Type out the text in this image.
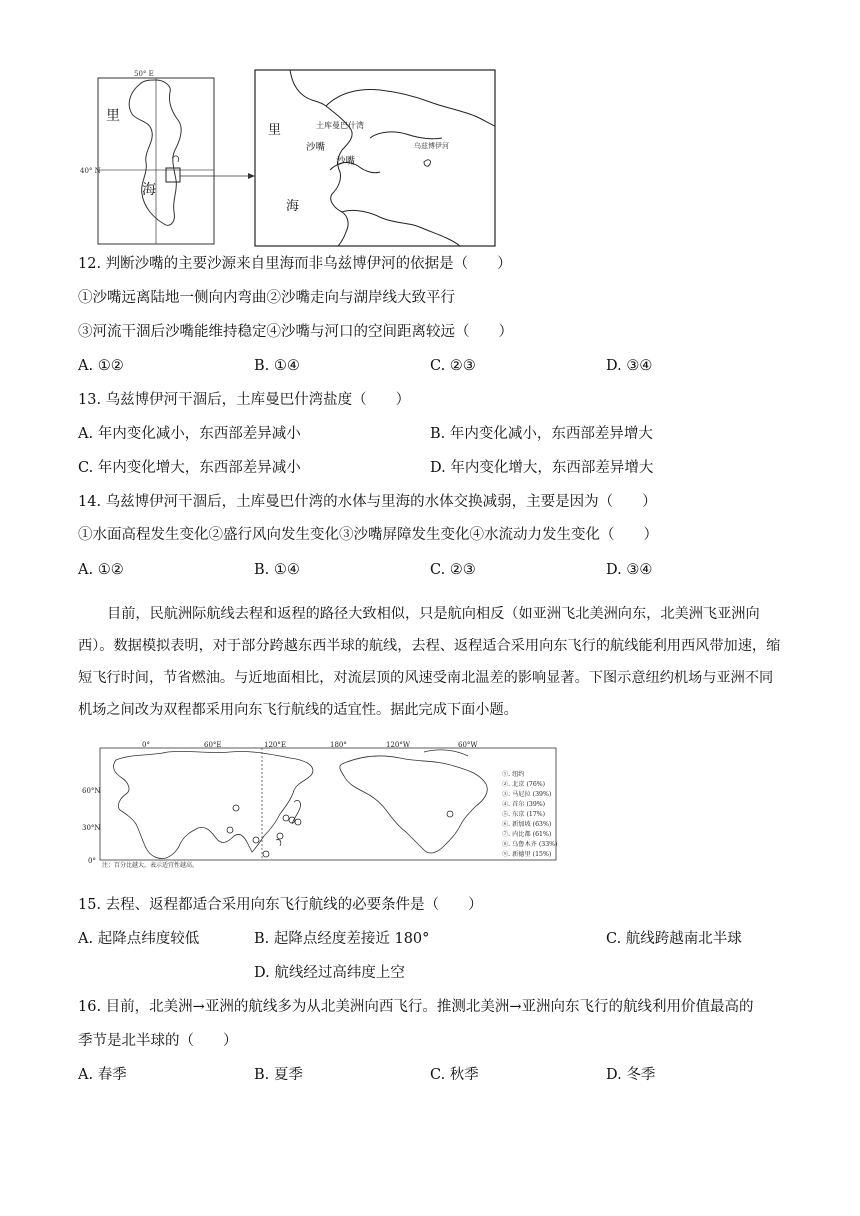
50° E
40° N
里
海
里
海
土库曼巴什湾
乌兹博伊河
沙嘴
沙嘴
12. 判断沙嘴的主要沙源来自里海而非乌兹博伊河的依据是（　　）
①沙嘴远离陆地一侧向内弯曲②沙嘴走向与湖岸线大致平行
③河流干涸后沙嘴能维持稳定④沙嘴与河口的空间距离较远（　　）
A. ①②	B. ①④	C. ②③	D. ③④
13. 乌兹博伊河干涸后，土库曼巴什湾盐度（　　）
A. 年内变化减小，东西部差异减小	B. 年内变化减小，东西部差异增大
C. 年内变化增大，东西部差异减小	D. 年内变化增大，东西部差异增大
14. 乌兹博伊河干涸后，土库曼巴什湾的水体与里海的水体交换减弱，主要是因为（　　）
①水面高程发生变化②盛行风向发生变化③沙嘴屏障发生变化④水流动力发生变化（　　）
A. ①②	B. ①④	C. ②③	D. ③④
目前，民航洲际航线去程和返程的路径大致相似，只是航向相反（如亚洲飞北美洲向东，北美洲飞亚洲向西）。数据模拟表明，对于部分跨越东西半球的航线，去程、返程适合采用向东飞行的航线能利用西风带加速，缩短飞行时间，节省燃油。与近地面相比，对流层顶的风速受南北温差的影响显著。下图示意纽约机场与亚洲不同机场之间改为双程都采用向东飞行航线的适宜性。据此完成下面小题。
0°	60°E	120°E	180°	120°W	60°W
60°N
30°N
0°
①. 纽约
②. 北京 (76%)
③. 马尼拉 (39%)
④. 首尔 (39%)
⑤. 东京 (17%)
⑥. 新加坡 (63%)
⑦. 内比都 (61%)
⑧. 乌鲁木齐 (33%)
⑨. 新德里 (15%)
注：百分比越大，表示适宜性越高。
15. 去程、返程都适合采用向东飞行航线的必要条件是（　　）
A. 起降点纬度较低	B. 起降点经度差接近 180°	C. 航线跨越南北半球
D. 航线经过高纬度上空
16. 目前，北美洲→亚洲的航线多为从北美洲向西飞行。推测北美洲→亚洲向东飞行的航线利用价值最高的
季节是北半球的（　　）
A. 春季	B. 夏季	C. 秋季	D. 冬季
